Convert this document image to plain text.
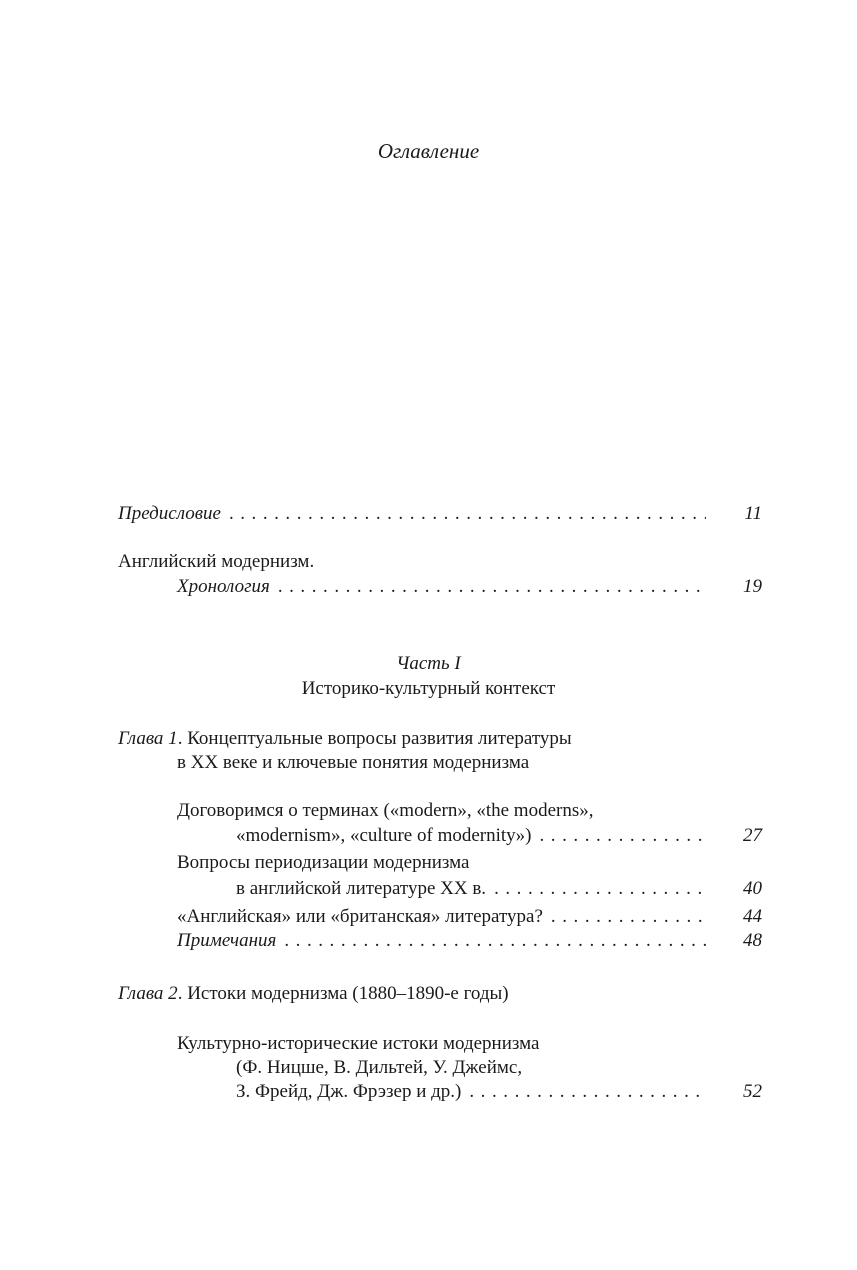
Оглавление
Предисловие . . .	11
Английский модернизм.
Хронология . . .	19
Часть I
Историко-культурный контекст
Глава 1. Концептуальные вопросы развития литературы
в XX веке и ключевые понятия модернизма
Договоримся о терминах («modern», «the moderns»,
«modernism», «culture of modernity») . . .	27
Вопросы периодизации модернизма
в английской литературе XX в. . . .	40
«Английская» или «британская» литература? . . .	44
Примечания . . .	48
Глава 2. Истоки модернизма (1880–1890-е годы)
Культурно-исторические истоки модернизма
(Ф. Ницше, В. Дильтей, У. Джеймс,
З. Фрейд, Дж. Фрэзер и др.) . . .	52
